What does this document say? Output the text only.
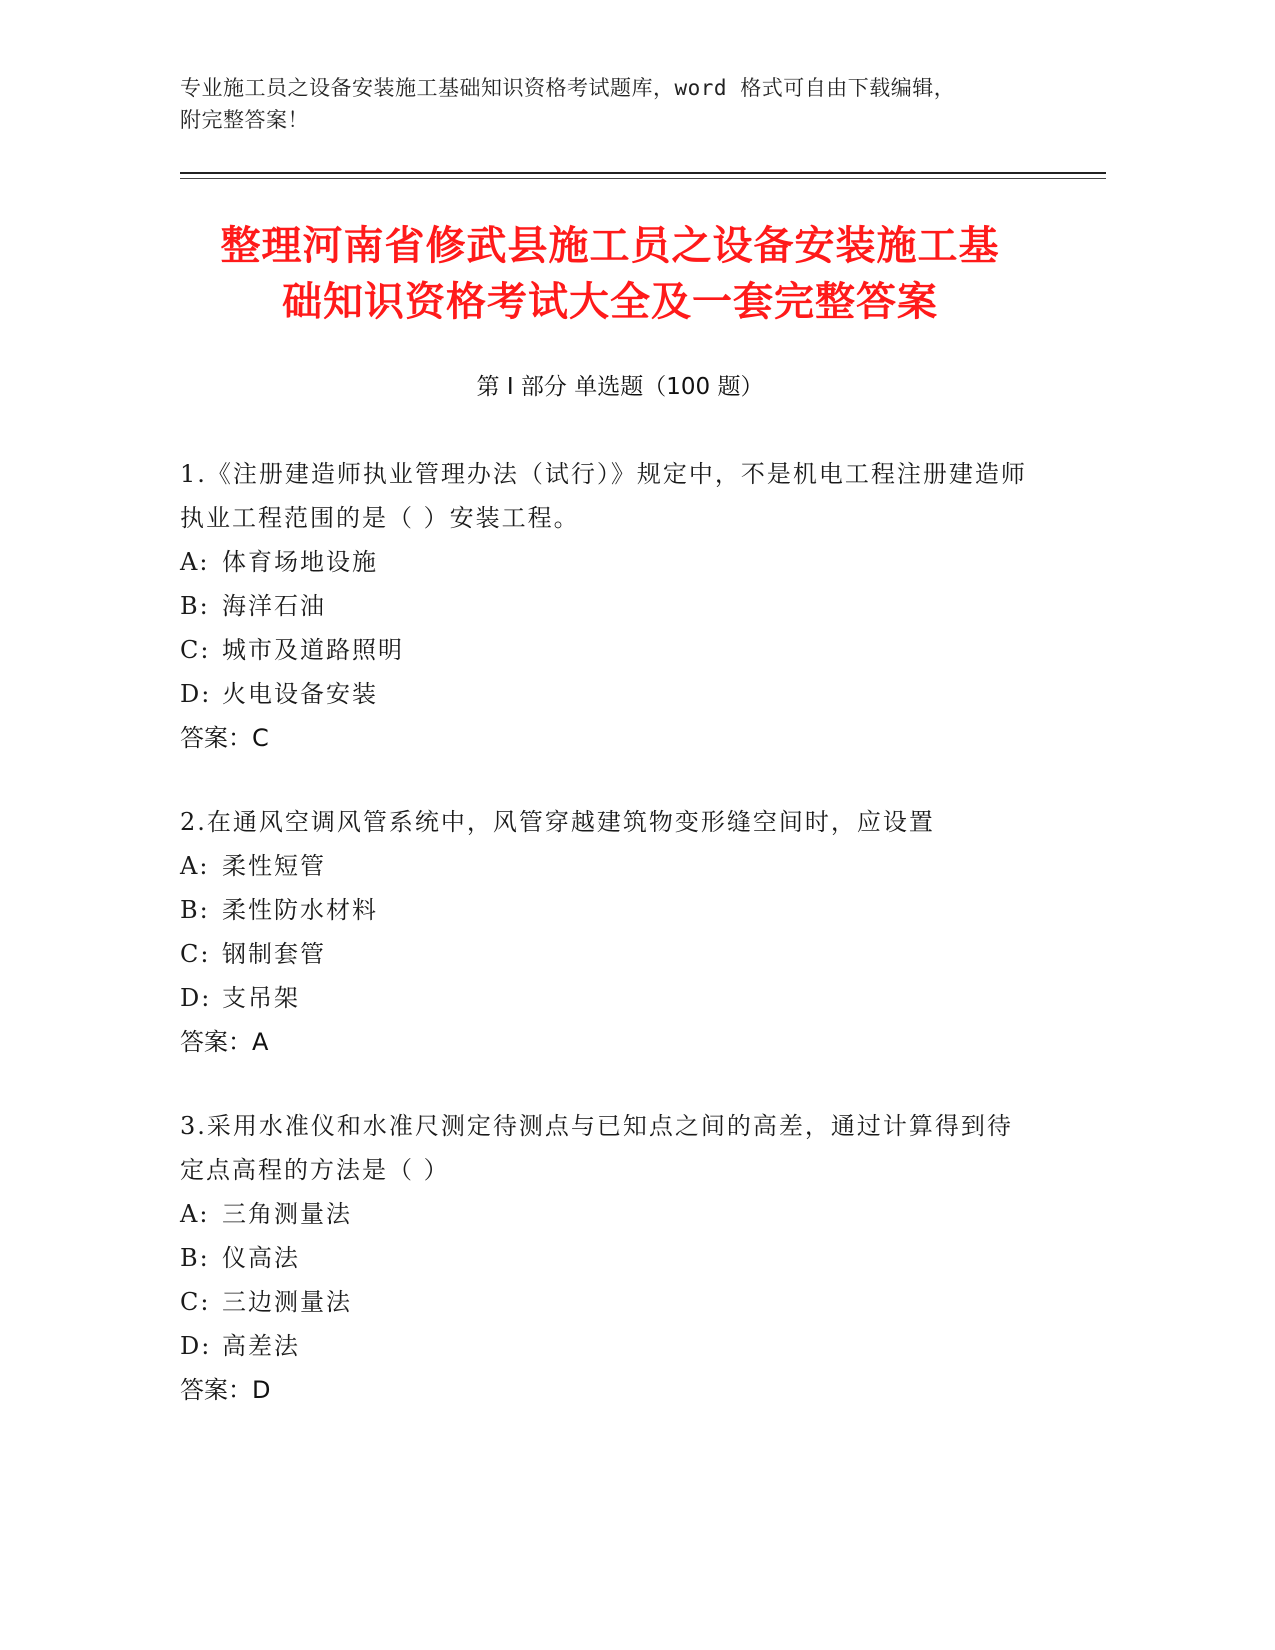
专业施工员之设备安装施工基础知识资格考试题库，word 格式可自由下载编辑，
附完整答案！
整理河南省修武县施工员之设备安装施工基
础知识资格考试大全及一套完整答案
第 I 部分 单选题（100 题）
1.《注册建造师执业管理办法（试行）》规定中，不是机电工程注册建造师执业工程范围的是（ ）安装工程。
A: 体育场地设施
B: 海洋石油
C: 城市及道路照明
D: 火电设备安装
答案：C
2.在通风空调风管系统中，风管穿越建筑物变形缝空间时，应设置
A: 柔性短管
B: 柔性防水材料
C: 钢制套管
D: 支吊架
答案：A
3.采用水准仪和水准尺测定待测点与已知点之间的高差，通过计算得到待定点高程的方法是（ ）
A: 三角测量法
B: 仪高法
C: 三边测量法
D: 高差法
答案：D
